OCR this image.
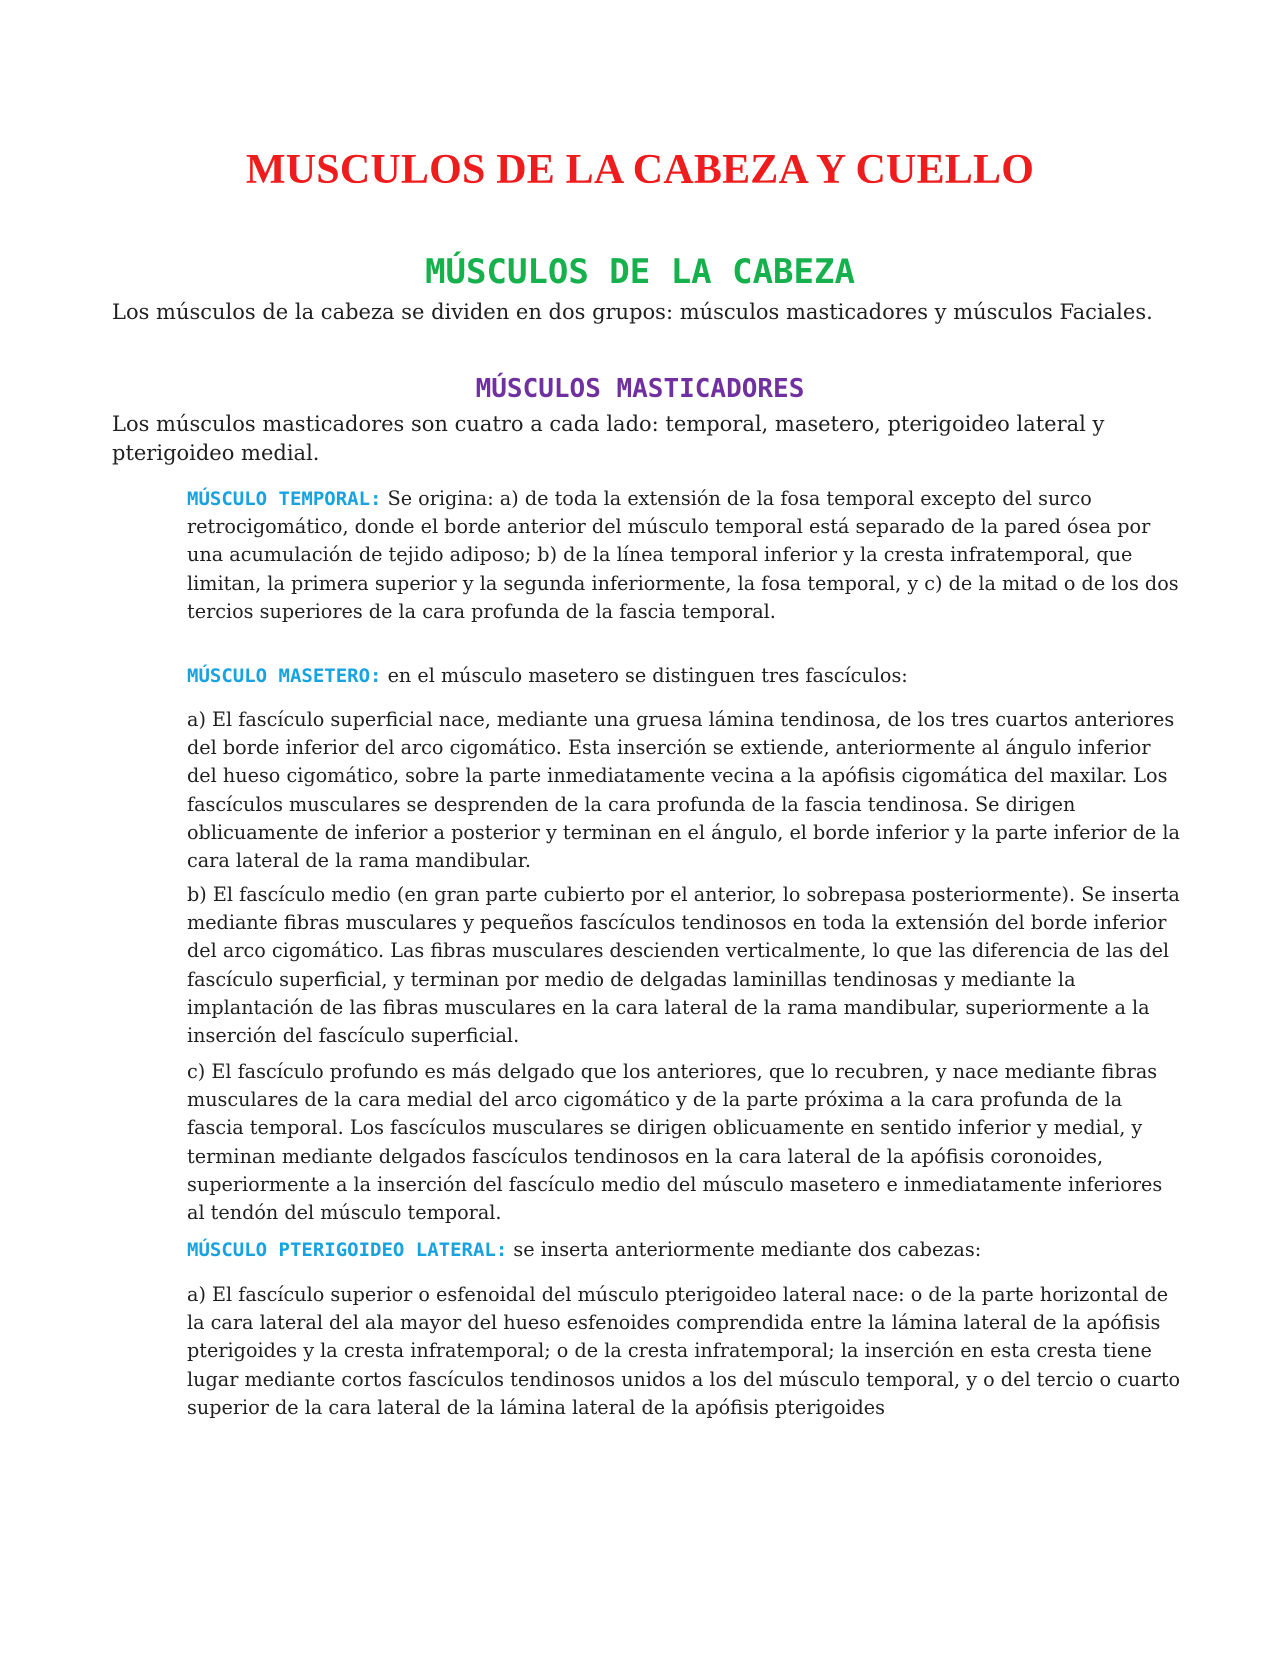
MUSCULOS DE LA CABEZA Y CUELLO
MÚSCULOS DE LA CABEZA

Los músculos de la cabeza se dividen en dos grupos: músculos masticadores y músculos Faciales.

MÚSCULOS MASTICADORES

Los músculos masticadores son cuatro a cada lado: temporal, masetero, pterigoideo lateral y pterigoideo medial.

MÚSCULO TEMPORAL: Se origina: a) de toda la extensión de la fosa temporal excepto del surco retrocigomático, donde el borde anterior del músculo temporal está separado de la pared ósea por una acumulación de tejido adiposo; b) de la línea temporal inferior y la cresta infratemporal, que limitan, la primera superior y la segunda inferiormente, la fosa temporal, y c) de la mitad o de los dos tercios superiores de la cara profunda de la fascia temporal.

MÚSCULO MASETERO: en el músculo masetero se distinguen tres fascículos:

a) El fascículo superficial nace, mediante una gruesa lámina tendinosa, de los tres cuartos anteriores del borde inferior del arco cigomático. Esta inserción se extiende, anteriormente al ángulo inferior del hueso cigomático, sobre la parte inmediatamente vecina a la apófisis cigomática del maxilar. Los fascículos musculares se desprenden de la cara profunda de la fascia tendinosa. Se dirigen oblicuamente de inferior a posterior y terminan en el ángulo, el borde inferior y la parte inferior de la cara lateral de la rama mandibular.

b) El fascículo medio (en gran parte cubierto por el anterior, lo sobrepasa posteriormente). Se inserta mediante fibras musculares y pequeños fascículos tendinosos en toda la extensión del borde inferior del arco cigomático. Las fibras musculares descienden verticalmente, lo que las diferencia de las del fascículo superficial, y terminan por medio de delgadas laminillas tendinosas y mediante la implantación de las fibras musculares en la cara lateral de la rama mandibular, superiormente a la inserción del fascículo superficial.

c) El fascículo profundo es más delgado que los anteriores, que lo recubren, y nace mediante fibras musculares de la cara medial del arco cigomático y de la parte próxima a la cara profunda de la fascia temporal. Los fascículos musculares se dirigen oblicuamente en sentido inferior y medial, y terminan mediante delgados fascículos tendinosos en la cara lateral de la apófisis coronoides, superiormente a la inserción del fascículo medio del músculo masetero e inmediatamente inferiores al tendón del músculo temporal.

MÚSCULO PTERIGOIDEO LATERAL: se inserta anteriormente mediante dos cabezas:

a) El fascículo superior o esfenoidal del músculo pterigoideo lateral nace: o de la parte horizontal de la cara lateral del ala mayor del hueso esfenoides comprendida entre la lámina lateral de la apófisis pterigoides y la cresta infratemporal; o de la cresta infratemporal; la inserción en esta cresta tiene lugar mediante cortos fascículos tendinosos unidos a los del músculo temporal, y o del tercio o cuarto superior de la cara lateral de la lámina lateral de la apófisis pterigoides
